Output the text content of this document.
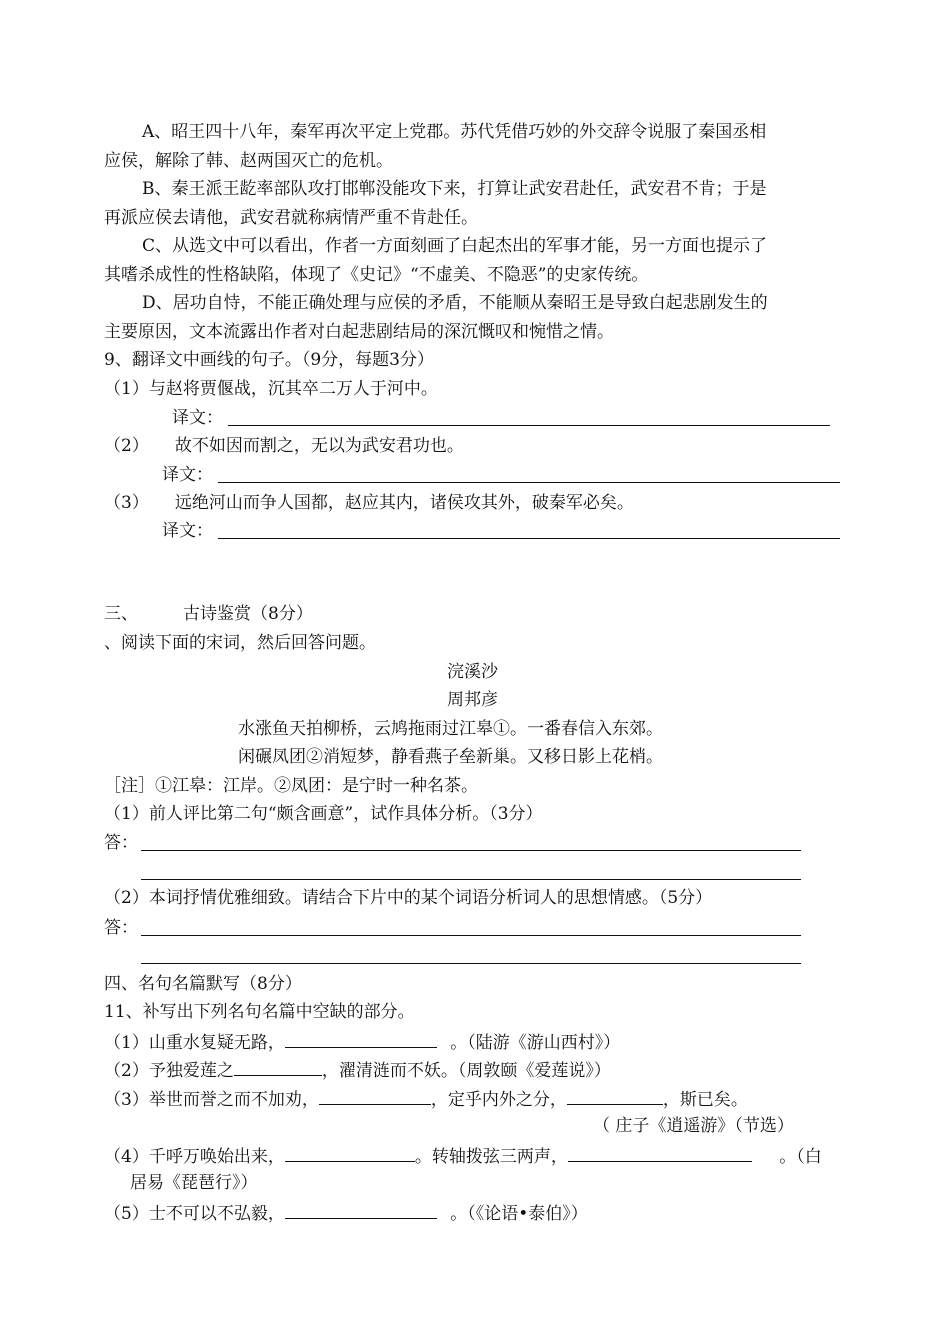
A、昭王四十八年，秦军再次平定上党郡。苏代凭借巧妙的外交辞令说服了秦国丞相
应侯，解除了韩、赵两国灭亡的危机。
B、秦王派王龁率部队攻打邯郸没能攻下来，打算让武安君赴任，武安君不肯；于是
再派应侯去请他，武安君就称病情严重不肯赴任。
C、从选文中可以看出，作者一方面刻画了白起杰出的军事才能，另一方面也提示了
其嗜杀成性的性格缺陷，体现了《史记》“不虚美、不隐恶”的史家传统。
D、居功自恃，不能正确处理与应侯的矛盾，不能顺从秦昭王是导致白起悲剧发生的
主要原因，文本流露出作者对白起悲剧结局的深沉慨叹和惋惜之情。
9、翻译文中画线的句子。（9分，每题3分）
（1）与赵将贾偃战，沉其卒二万人于河中。
译文：
（2） 故不如因而割之，无以为武安君功也。
译文：
（3） 远绝河山而争人国都，赵应其内，诸侯攻其外，破秦军必矣。
译文：
三、	古诗鉴赏（8分）
、阅读下面的宋词，然后回答问题。
浣溪沙
周邦彦
水涨鱼天拍柳桥，云鸠拖雨过江皋①。一番春信入东郊。
闲碾凤团②消短梦，静看燕子垒新巢。又移日影上花梢。
［注］①江皋：江岸。②凤团：是宁时一种名茶。
（1）前人评比第二句“颇含画意”，试作具体分析。（3分）
答：
（2）本词抒情优雅细致。请结合下片中的某个词语分析词人的思想情感。（5分）
答：
四、名句名篇默写（8分）
11、补写出下列名句名篇中空缺的部分。
（1）山重水复疑无路，	。（陆游《游山西村》）
（2）予独爱莲之	，濯清涟而不妖。（周敦颐《爱莲说》）
（3）举世而誉之而不加劝，	，定乎内外之分，	，斯已矣。
（ 庄子《逍遥游》（节选）
（4）千呼万唤始出来，	。转轴拨弦三两声，	。（白
居易《琵琶行》）
（5）士不可以不弘毅，	。（《论语•泰伯》）
